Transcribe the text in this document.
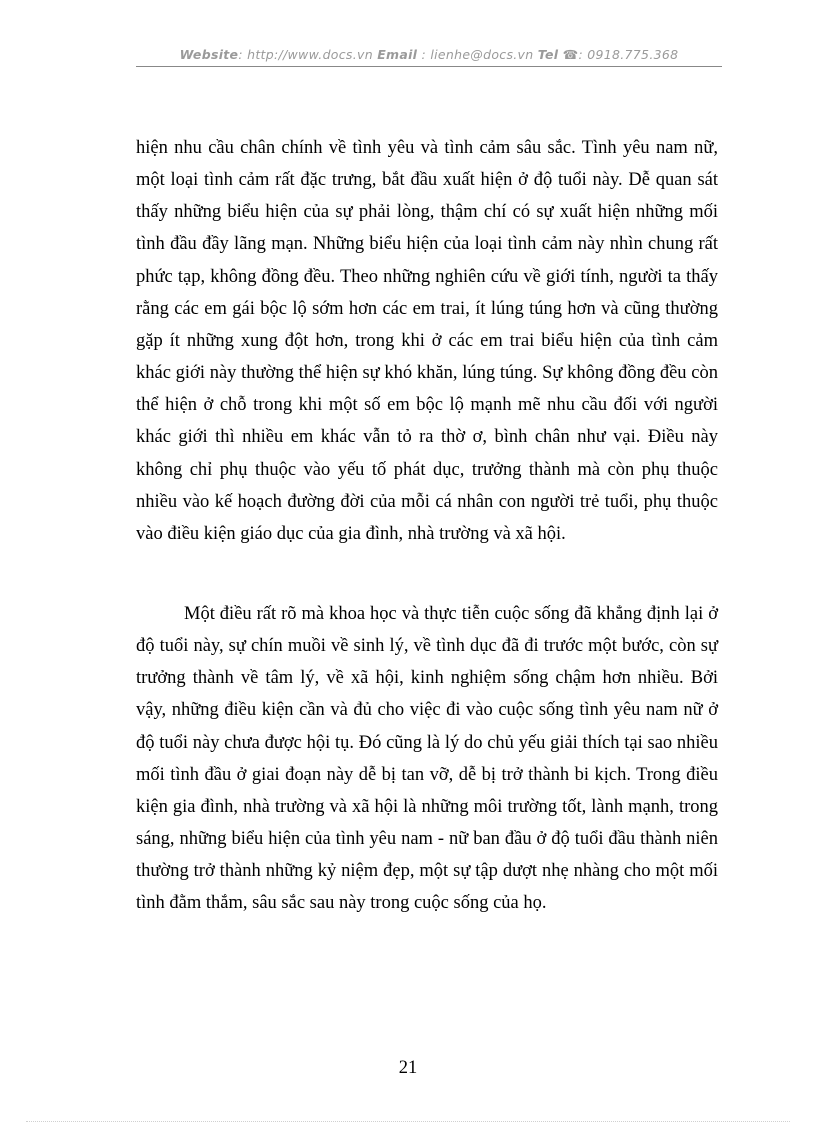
Website: http://www.docs.vn Email : lienhe@docs.vn Tel ☎: 0918.775.368

hiện nhu cầu chân chính về tình yêu và tình cảm sâu sắc. Tình yêu nam nữ, một loại tình cảm rất đặc trưng, bắt đầu xuất hiện ở độ tuổi này. Dễ quan sát thấy những biểu hiện của sự phải lòng, thậm chí có sự xuất hiện những mối tình đầu đầy lãng mạn. Những biểu hiện của loại tình cảm này nhìn chung rất phức tạp, không đồng đều. Theo những nghiên cứu về giới tính, người ta thấy rằng các em gái bộc lộ sớm hơn các em trai, ít lúng túng hơn và cũng thường gặp ít những xung đột hơn, trong khi ở các em trai biểu hiện của tình cảm khác giới này thường thể hiện sự khó khăn, lúng túng. Sự không đồng đều còn thể hiện ở chỗ trong khi một số em bộc lộ mạnh mẽ nhu cầu đối với người khác giới thì nhiều em khác vẫn tỏ ra thờ ơ, bình chân như vại. Điều này không chỉ phụ thuộc vào yếu tố phát dục, trưởng thành mà còn phụ thuộc nhiều vào kế hoạch đường đời của mỗi cá nhân con người trẻ tuổi, phụ thuộc vào điều kiện giáo dục của gia đình, nhà trường và xã hội.

Một điều rất rõ mà khoa học và thực tiễn cuộc sống đã khẳng định lại ở độ tuổi này, sự chín muồi về sinh lý, về tình dục đã đi trước một bước, còn sự trưởng thành về tâm lý, về xã hội, kinh nghiệm sống chậm hơn nhiều. Bởi vậy, những điều kiện cần và đủ cho việc đi vào cuộc sống tình yêu nam nữ ở độ tuổi này chưa được hội tụ. Đó cũng là lý do chủ yếu giải thích tại sao nhiều mối tình đầu ở giai đoạn này dễ bị tan vỡ, dễ bị trở thành bi kịch. Trong điều kiện gia đình, nhà trường và xã hội là những môi trường tốt, lành mạnh, trong sáng, những biểu hiện của tình yêu nam - nữ ban đầu ở độ tuổi đầu thành niên thường trở thành những kỷ niệm đẹp, một sự tập dượt nhẹ nhàng cho một mối tình đằm thắm, sâu sắc sau này trong cuộc sống của họ.

21
